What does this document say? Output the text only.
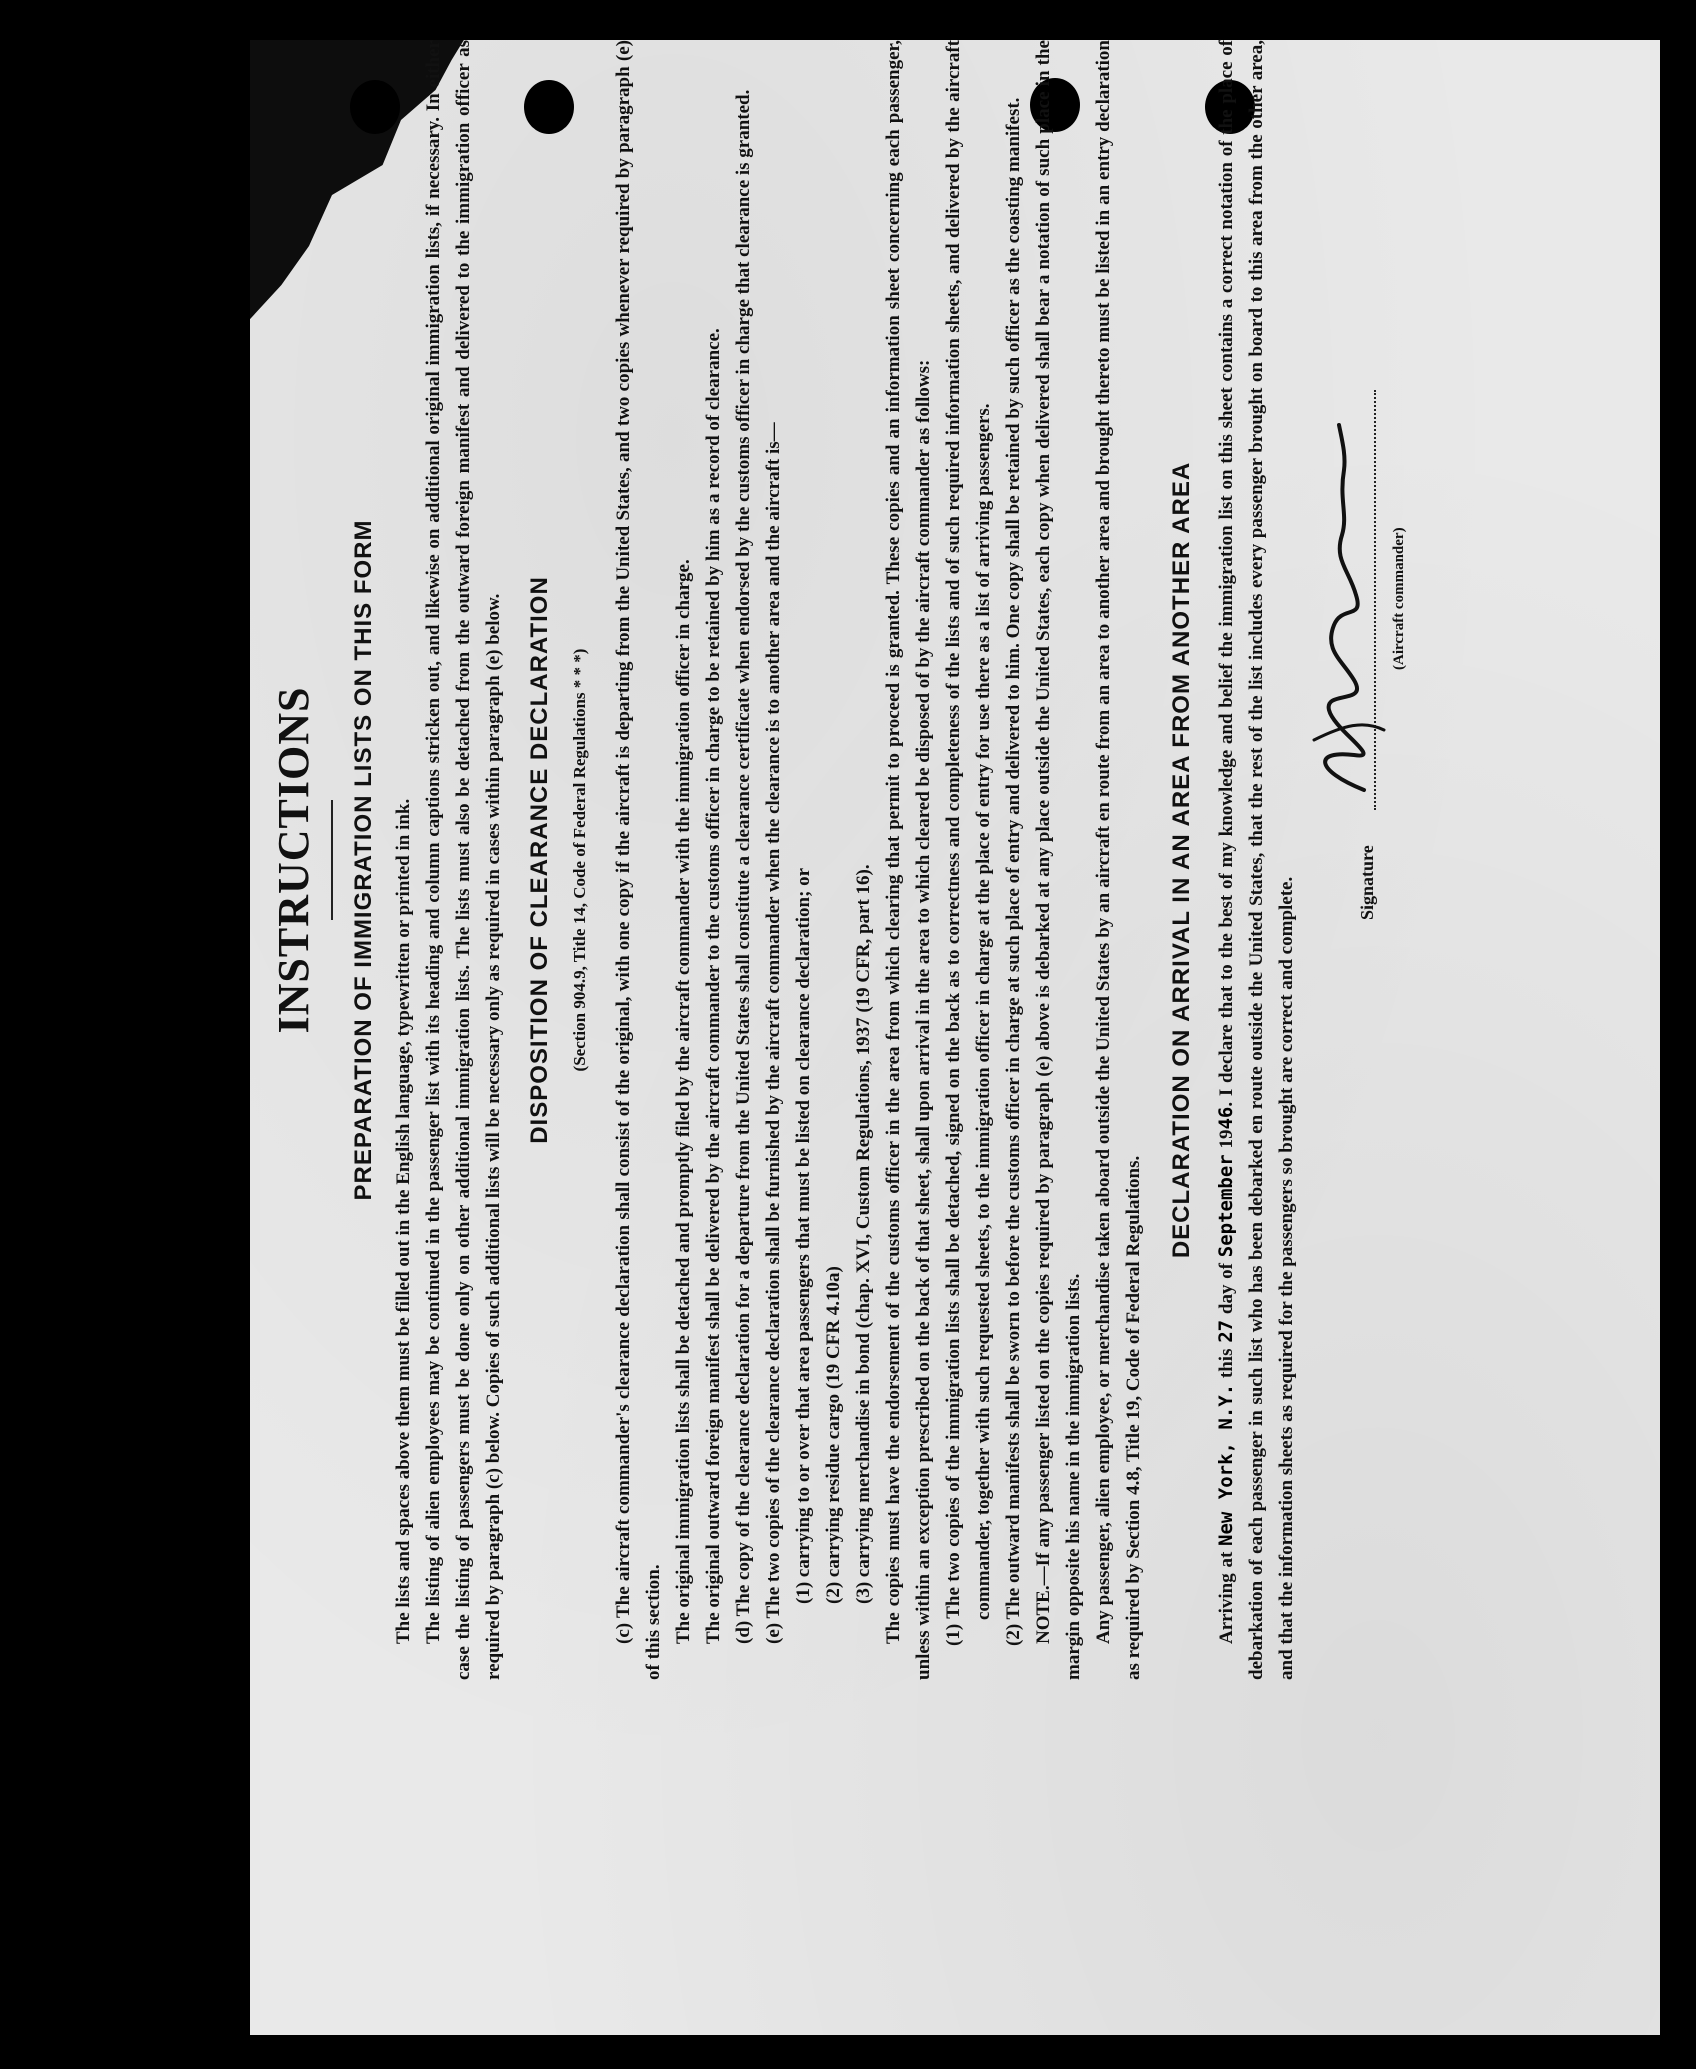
INSTRUCTIONS PREPARATION OF IMMIGRATION LISTS ON THIS FORM The lists and spaces above them must be filled out in the English language, typewritten or printed in ink. The listing of alien employees may be continued in the passenger list with its heading and column captions stricken out, and likewise on additional original immigration lists, if necessary. In either case the listing of passengers must be done only on other additional immigration lists. The lists must also be detached from the outward foreign manifest and delivered to the immigration officer as required by paragraph (c) below. Copies of such additional lists will be necessary only as required in cases within paragraph (e) below. DISPOSITION OF CLEARANCE DECLARATION (Section 904.9, Title 14, Code of Federal Regulations * * *)	(c) The aircraft commander's clearance declaration shall consist of the original, with one copy if the aircraft is departing from the United States, and two copies whenever required by paragraph (e) of this section. The original immigration lists shall be detached and promptly filed by the aircraft commander with the immigration officer in charge. The original outward foreign manifest shall be delivered by the aircraft commander to the customs officer in charge to be retained by him as a record of clearance. (d) The copy of the clearance declaration for a departure from the United States shall constitute a clearance certificate when endorsed by the customs officer in charge that clearance is granted. (e) The two copies of the clearance declaration shall be furnished by the aircraft commander when the clearance is to another area and the aircraft is— (1) carrying to or over that area passengers that must be listed on clearance declaration; or (2) carrying residue cargo (19 CFR 4.10a) (3) carrying merchandise in bond (chap. XVI, Custom Regulations, 1937 (19 CFR, part 16). The copies must have the endorsement of the customs officer in the area from which clearing that permit to proceed is granted. These copies and an information sheet concerning each passenger, unless within an exception prescribed on the back of that sheet, shall upon arrival in the area to which cleared be disposed of by the aircraft commander as follows: (1) The two copies of the immigration lists shall be detached, signed on the back as to correctness and completeness of the lists and of such required information sheets, and delivered by the aircraft commander, together with such requested sheets, to the immigration officer in charge at the place of entry for use there as a list of arriving passengers. (2) The outward manifests shall be sworn to before the customs officer in charge at such place of entry and delivered to him. One copy shall be retained by such officer as the coasting manifest. NOTE.—If any passenger listed on the copies required by paragraph (e) above is debarked at any place outside the United States, each copy when delivered shall bear a notation of such place in the margin opposite his name in the immigration lists. Any passenger, alien employee, or merchandise taken aboard outside the United States by an aircraft en route from an area to another area and brought thereto must be listed in an entry declaration as required by Section 4.8, Title 19, Code of Federal Regulations.

DECLARATION ON ARRIVAL IN AN AREA FROM ANOTHER AREA

Arriving at New York, N.Y. this 27 day of September 1946. I declare that to the best of my knowledge and belief the immigration list on this sheet contains a correct notation of the place of debarkation of each passenger in such list who has been debarked en route outside the United States, that the rest of the list includes every passenger brought on board to this area from the other area, and that the information sheets as required for the passengers so brought are correct and complete.	Signature
(Aircraft commander)
